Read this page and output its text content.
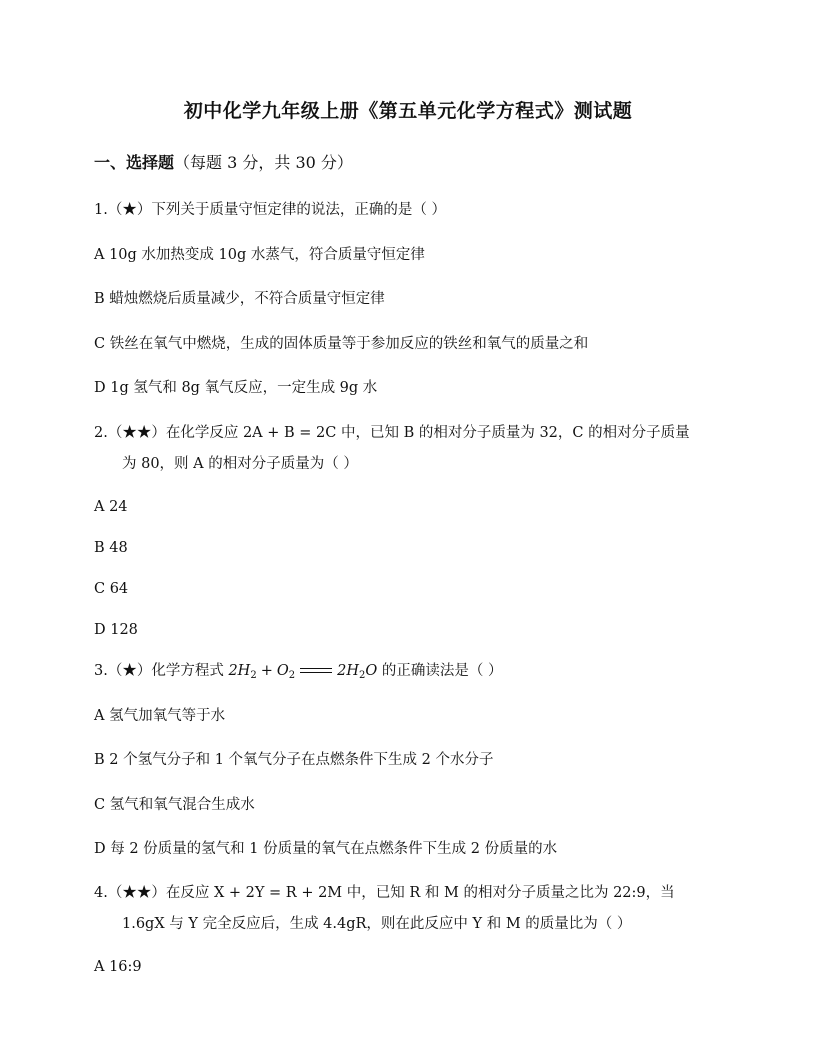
初中化学九年级上册《第五单元化学方程式》测试题
一、选择题（每题 3 分，共 30 分）
1.（★）下列关于质量守恒定律的说法，正确的是（ ）
A 10g 水加热变成 10g 水蒸气，符合质量守恒定律
B 蜡烛燃烧后质量减少，不符合质量守恒定律
C 铁丝在氧气中燃烧，生成的固体质量等于参加反应的铁丝和氧气的质量之和
D 1g 氢气和 8g 氧气反应，一定生成 9g 水
2.（★★）在化学反应 2A + B = 2C 中，已知 B 的相对分子质量为 32，C 的相对分子质量
为 80，则 A 的相对分子质量为（ ）
A 24
B 48
C 64
D 128
3.（★）化学方程式 $2H_2 + O_2$	$2H_2O$ 的正确读法是（ ）
A 氢气加氧气等于水
B 2 个氢气分子和 1 个氧气分子在点燃条件下生成 2 个水分子
C 氢气和氧气混合生成水
D 每 2 份质量的氢气和 1 份质量的氧气在点燃条件下生成 2 份质量的水
4.（★★）在反应 X + 2Y = R + 2M 中，已知 R 和 M 的相对分子质量之比为 22:9，当
1.6gX 与 Y 完全反应后，生成 4.4gR，则在此反应中 Y 和 M 的质量比为（ ）
A 16:9
